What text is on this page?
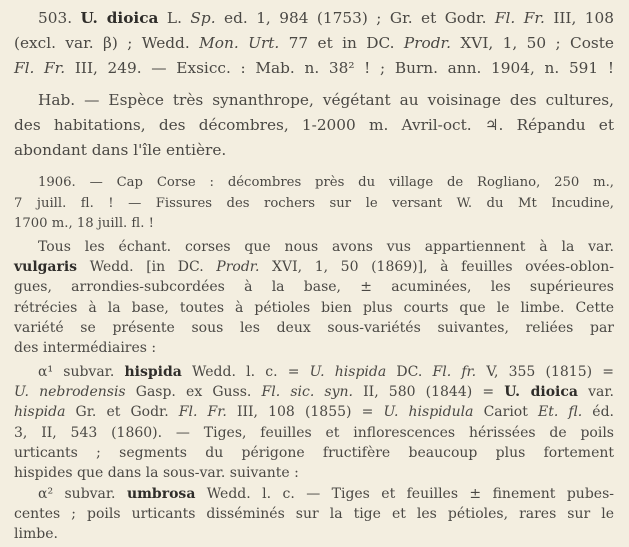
503. U. dioica L. Sp. ed. 1, 984 (1753) ; Gr. et Godr. Fl. Fr. III, 108
(excl. var. β) ; Wedd. Mon. Urt. 77 et in DC. Prodr. XVI, 1, 50 ; Coste
Fl. Fr. III, 249. — Exsicc. : Mab. n. 38² ! ; Burn. ann. 1904, n. 591 !
Hab. — Espèce très synanthrope, végétant au voisinage des cultures,
des habitations, des décombres, 1-2000 m. Avril-oct. ♃. Répandu et
abondant dans l'île entière.
1906. — Cap Corse : décombres près du village de Rogliano, 250 m.,
7 juill. fl. ! — Fissures des rochers sur le versant W. du Mt Incudine,
1700 m., 18 juill. fl. !
Tous les échant. corses que nous avons vus appartiennent à la var.
vulgaris Wedd. [in DC. Prodr. XVI, 1, 50 (1869)], à feuilles ovées-oblon-
gues, arrondies-subcordées à la base, ± acuminées, les supérieures
rétrécies à la base, toutes à pétioles bien plus courts que le limbe. Cette
variété se présente sous les deux sous-variétés suivantes, reliées par
des intermédiaires :
α¹ subvar. hispida Wedd. l. c. = U. hispida DC. Fl. fr. V, 355 (1815) =
U. nebrodensis Gasp. ex Guss. Fl. sic. syn. II, 580 (1844) = U. dioica var.
hispida Gr. et Godr. Fl. Fr. III, 108 (1855) = U. hispidula Cariot Et. fl. éd.
3, II, 543 (1860). — Tiges, feuilles et inflorescences hérissées de poils
urticants ; segments du périgone fructifère beaucoup plus fortement
hispides que dans la sous-var. suivante :
α² subvar. umbrosa Wedd. l. c. — Tiges et feuilles ± finement pubes-
centes ; poils urticants disséminés sur la tige et les pétioles, rares sur le
limbe.
